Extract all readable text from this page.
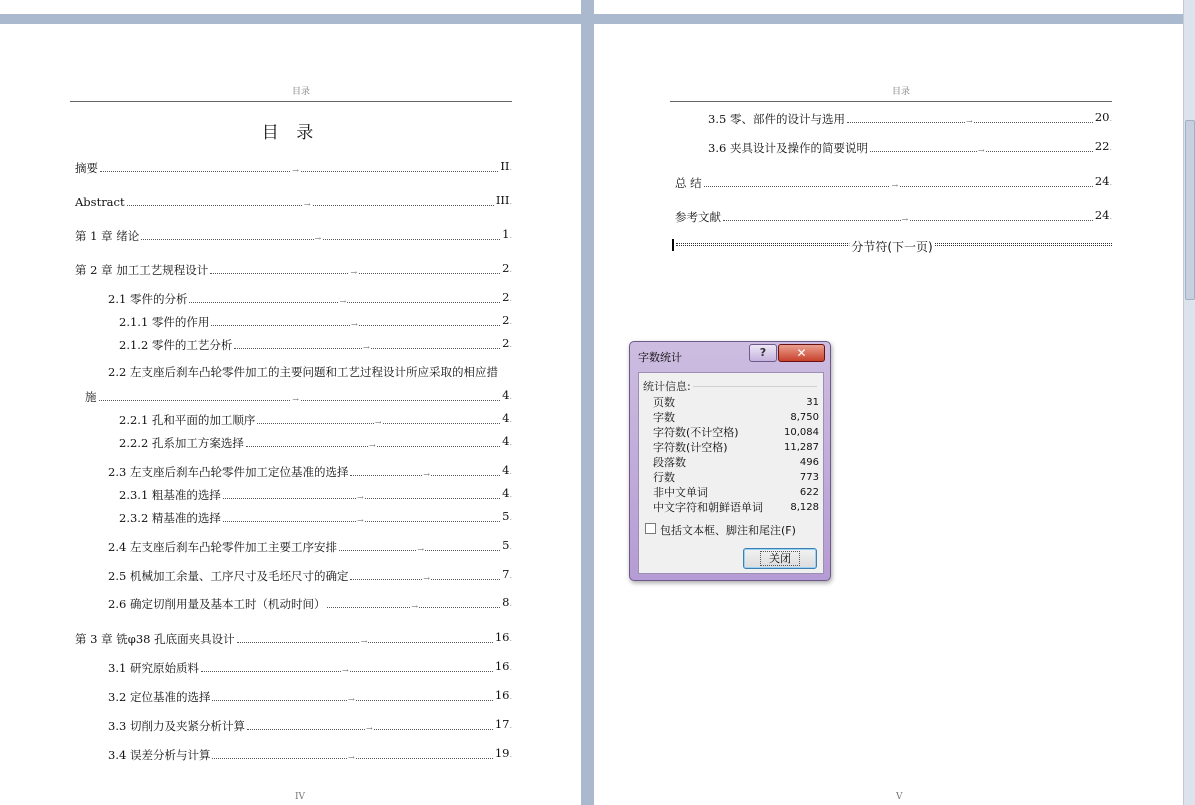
目录
目 录
摘要 →	II .
Abstract →	III .
第 1 章 绪论 →	1 .
第 2 章 加工工艺规程设计 →	2 .
2.1 零件的分析 →	2 .
2.1.1 零件的作用 →	2 .
2.1.2 零件的工艺分析 →	2 .
2.2 左支座后刹车凸轮零件加工的主要问题和工艺过程设计所应采取的相应措
施 →	4 .
2.2.1 孔和平面的加工顺序 →	4 .
2.2.2 孔系加工方案选择 →	4 .
2.3 左支座后刹车凸轮零件加工定位基准的选择 →	4 .
2.3.1 粗基准的选择 →	4 .
2.3.2 精基准的选择 →	5 .
2.4 左支座后刹车凸轮零件加工主要工序安排 →	5 .
2.5 机械加工余量、工序尺寸及毛坯尺寸的确定 →	7 .
2.6 确定切削用量及基本工时（机动时间） →	8 .
第 3 章 铣φ38 孔底面夹具设计 →	16 .
3.1 研究原始质料 →	16 .
3.2 定位基准的选择 →	16 .
3.3 切削力及夹紧分析计算 →	17 .
3.4 误差分析与计算 →	19 .
IV
目录
3.5 零、部件的设计与选用 →	20 .
3.6 夹具设计及操作的简要说明 →	22 .
总 结 →	24 .
参考文献 →	24 .
分节符(下一页)
V
字数统计	?	✕
统计信息:
页数	31
字数	8,750
字符数(不计空格)	10,084
字符数(计空格)	11,287
段落数	496
行数	773
非中文单词	622
中文字符和朝鲜语单词	8,128
包括文本框、脚注和尾注(F)
关闭
